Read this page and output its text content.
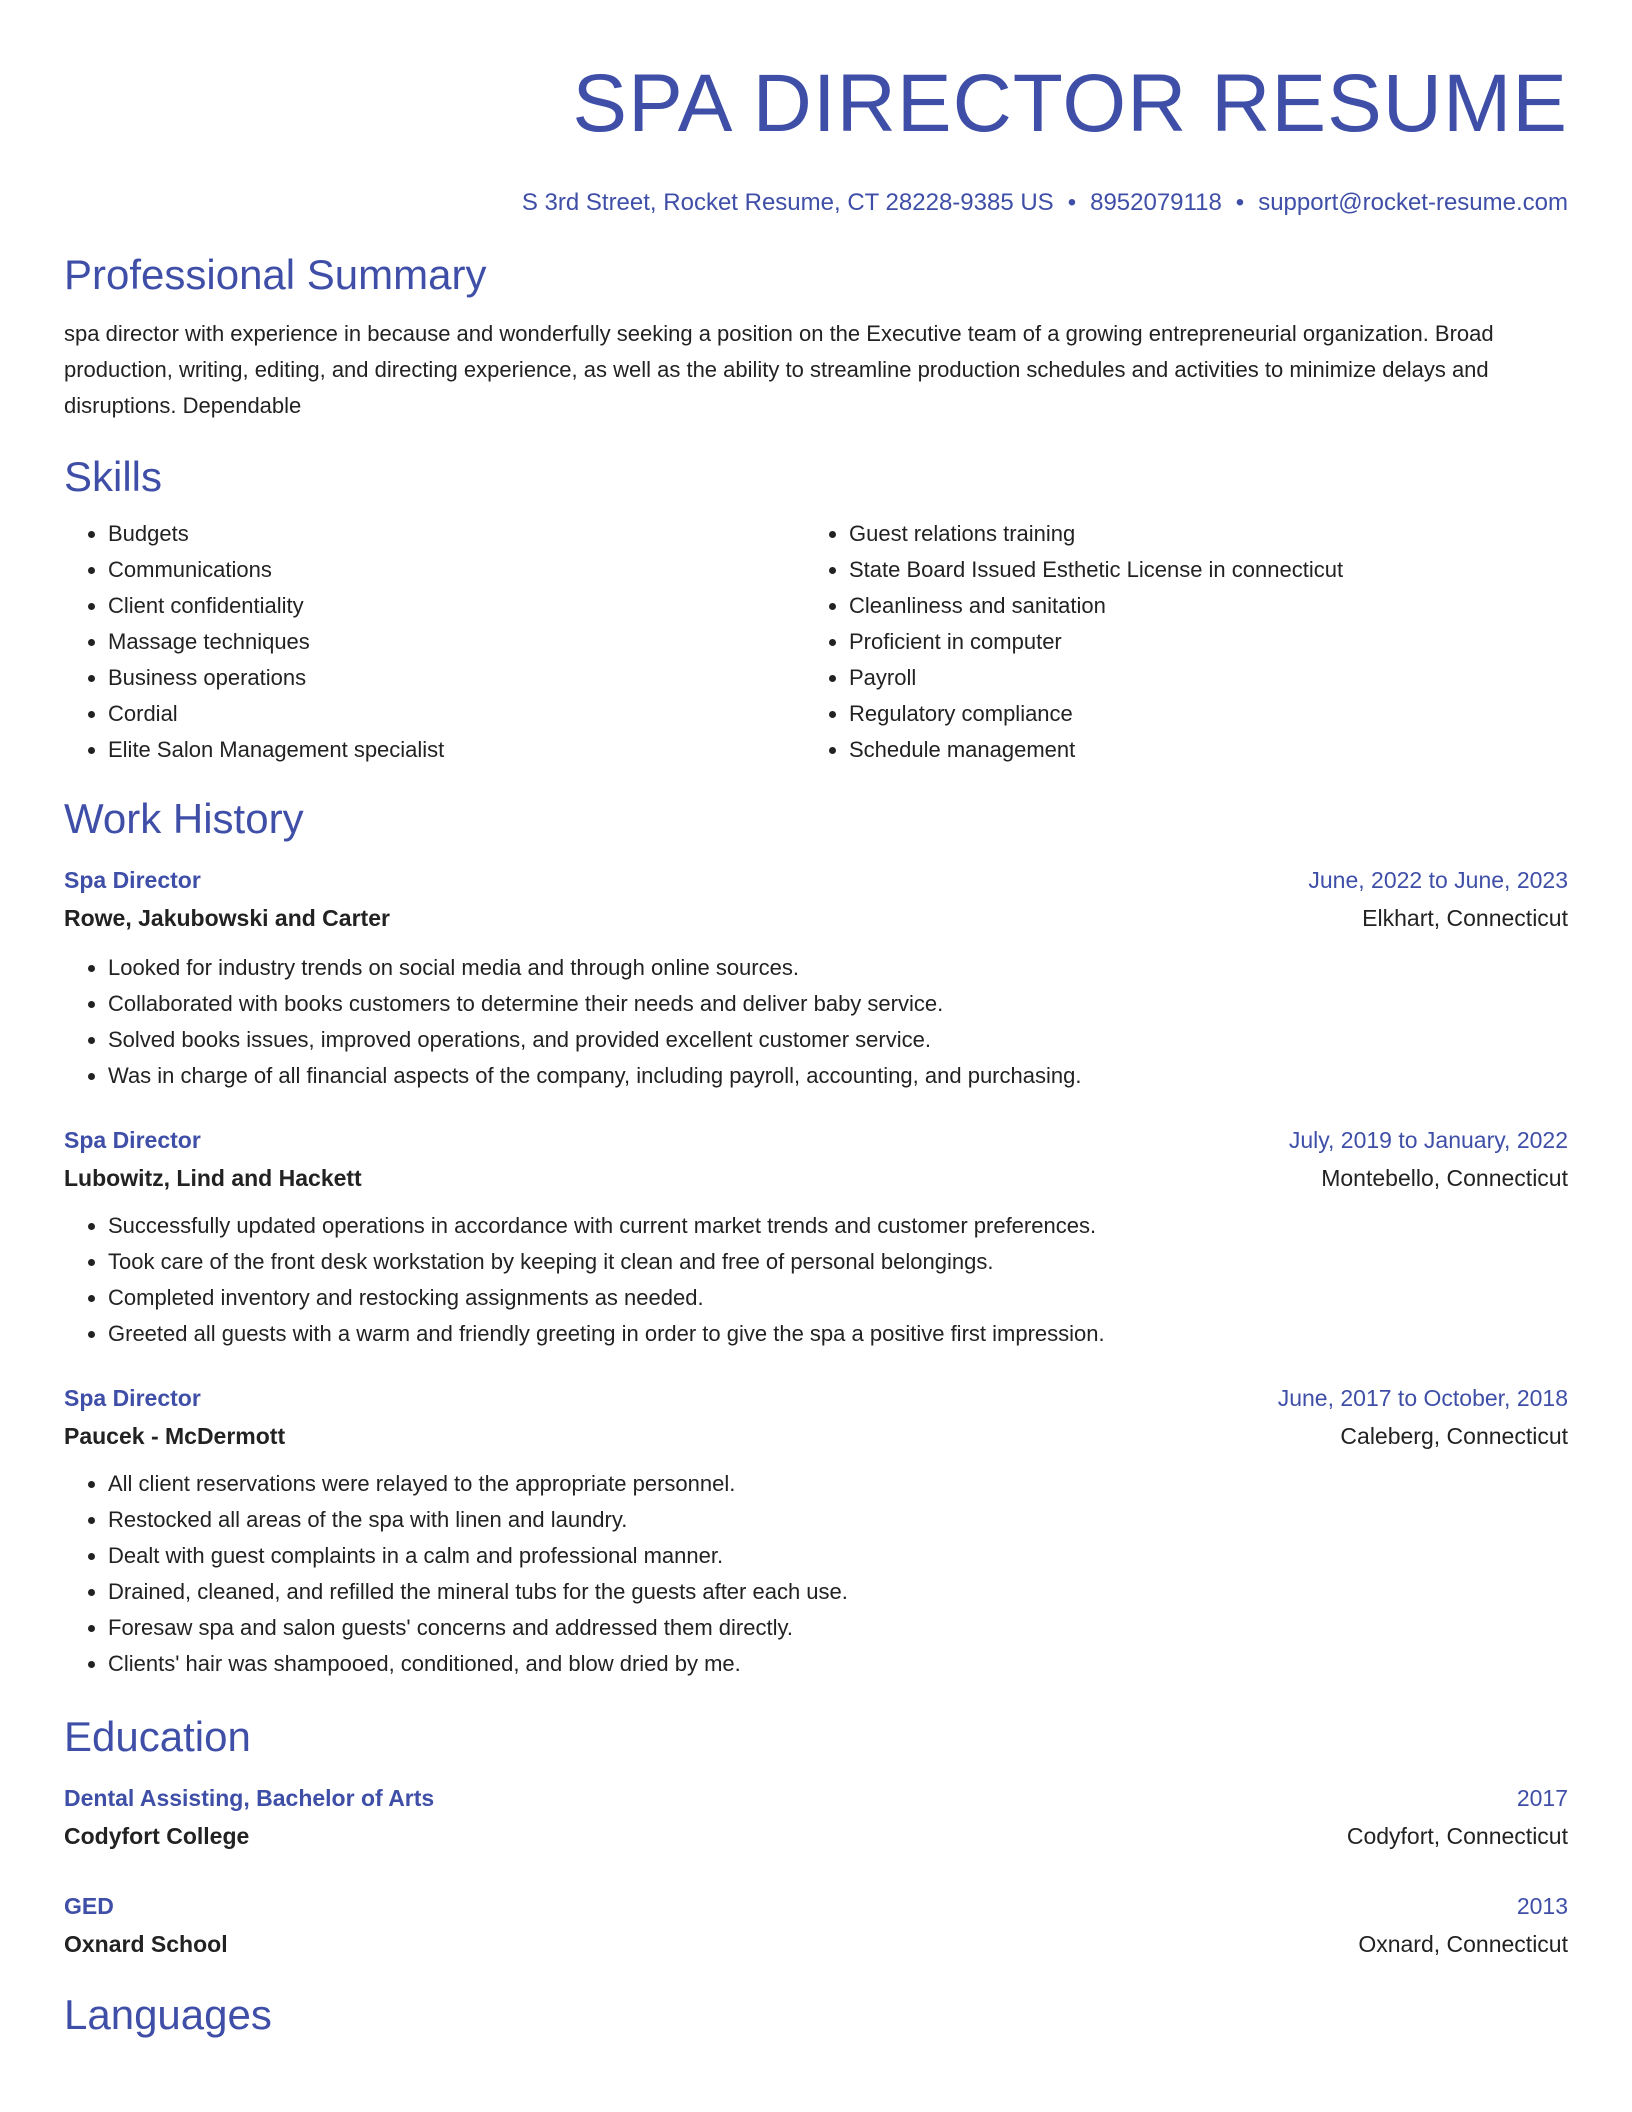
SPA DIRECTOR RESUME
S 3rd Street, Rocket Resume, CT 28228-9385 US • 8952079118 • support@rocket-resume.com
Professional Summary

spa director with experience in because and wonderfully seeking a position on the Executive team of a growing entrepreneurial organization. Broad production, writing, editing, and directing experience, as well as the ability to streamline production schedules and activities to minimize delays and disruptions. Dependable

Skills
• Budgets
• Communications
• Client confidentiality
• Massage techniques
• Business operations
• Cordial
• Elite Salon Management specialist
• Guest relations training
• State Board Issued Esthetic License in connecticut
• Cleanliness and sanitation
• Proficient in computer
• Payroll
• Regulatory compliance
• Schedule management
Work History
Spa Director	June, 2022 to June, 2023
Rowe, Jakubowski and Carter	Elkhart, Connecticut
• Looked for industry trends on social media and through online sources.
• Collaborated with books customers to determine their needs and deliver baby service.
• Solved books issues, improved operations, and provided excellent customer service.
• Was in charge of all financial aspects of the company, including payroll, accounting, and purchasing.
Spa Director	July, 2019 to January, 2022
Lubowitz, Lind and Hackett	Montebello, Connecticut
• Successfully updated operations in accordance with current market trends and customer preferences.
• Took care of the front desk workstation by keeping it clean and free of personal belongings.
• Completed inventory and restocking assignments as needed.
• Greeted all guests with a warm and friendly greeting in order to give the spa a positive first impression.
Spa Director	June, 2017 to October, 2018
Paucek - McDermott	Caleberg, Connecticut
• All client reservations were relayed to the appropriate personnel.
• Restocked all areas of the spa with linen and laundry.
• Dealt with guest complaints in a calm and professional manner.
• Drained, cleaned, and refilled the mineral tubs for the guests after each use.
• Foresaw spa and salon guests' concerns and addressed them directly.
• Clients' hair was shampooed, conditioned, and blow dried by me.
Education
Dental Assisting, Bachelor of Arts	2017
Codyfort College	Codyfort, Connecticut
GED	2013
Oxnard School	Oxnard, Connecticut
Languages
